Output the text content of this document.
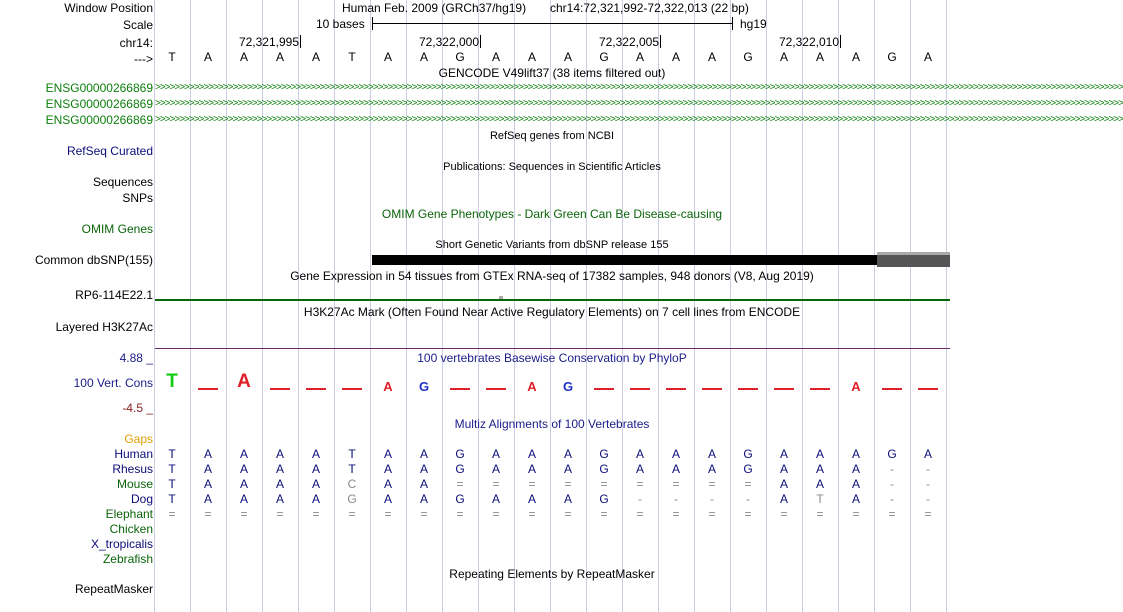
Window Position
Scale
chr14:
--->
ENSG00000266869
ENSG00000266869
ENSG00000266869
RefSeq Curated
Sequences
SNPs
OMIM Genes
Common dbSNP(155)
RP6-114E22.1
Layered H3K27Ac
4.88 _
100 Vert. Cons
-4.5 _
Gaps
Human
Rhesus
Mouse
Dog
Elephant
Chicken
X_tropicalis
Zebrafish
RepeatMasker
Human Feb. 2009 (GRCh37/hg19) chr14:72,321,992-72,322,013 (22 bp)
10 bases	hg19
72,321,995	72,322,000	72,322,005	72,322,010
T A A A A T A A G A A A G A A A G A A A G A
GENCODE V49lift37 (38 items filtered out)
>>>>>>>>>>>>>>>>>>>>>>>>>>>>>>>>>>>>>>>>>>>>>>>>>>>>>>>>>>>>>>>>>>>>>>>>>>>>>>>>>>>>>>>>>>>>>>>>>>>>>>>>>>>>>>>>>>>>>>>>>>>>>>>>>>>>>>>>>>>>>>>>>>>>>>>>>>>>>>>>>>>>>>>>>>>>>>>>>>>>>>>>>>>>>>>>>>>>>>>>
>>>>>>>>>>>>>>>>>>>>>>>>>>>>>>>>>>>>>>>>>>>>>>>>>>>>>>>>>>>>>>>>>>>>>>>>>>>>>>>>>>>>>>>>>>>>>>>>>>>>>>>>>>>>>>>>>>>>>>>>>>>>>>>>>>>>>>>>>>>>>>>>>>>>>>>>>>>>>>>>>>>>>>>>>>>>>>>>>>>>>>>>>>>>>>>>>>>>>>>>
>>>>>>>>>>>>>>>>>>>>>>>>>>>>>>>>>>>>>>>>>>>>>>>>>>>>>>>>>>>>>>>>>>>>>>>>>>>>>>>>>>>>>>>>>>>>>>>>>>>>>>>>>>>>>>>>>>>>>>>>>>>>>>>>>>>>>>>>>>>>>>>>>>>>>>>>>>>>>>>>>>>>>>>>>>>>>>>>>>>>>>>>>>>>>>>>>>>>>>>>
RefSeq genes from NCBI
Publications: Sequences in Scientific Articles
OMIM Gene Phenotypes - Dark Green Can Be Disease-causing
Short Genetic Variants from dbSNP release 155
Gene Expression in 54 tissues from GTEx RNA-seq of 17382 samples, 948 donors (V8, Aug 2019)
H3K27Ac Mark (Often Found Near Active Regulatory Elements) on 7 cell lines from ENCODE
100 vertebrates Basewise Conservation by PhyloP
T	A	A G	A G	A
Multiz Alignments of 100 Vertebrates
T A A A A T A A G A A A G A A A G A A A G A
T A A A A T A A G A A A G A A A G A A A -	-
T A A A A C A A = = = = = = = = = A A A -	-
T A A A A G A A G A A A G -	-	-	- A T A -	-
= = = = = = = = = = = = = = = = = = = = = =
Repeating Elements by RepeatMasker
